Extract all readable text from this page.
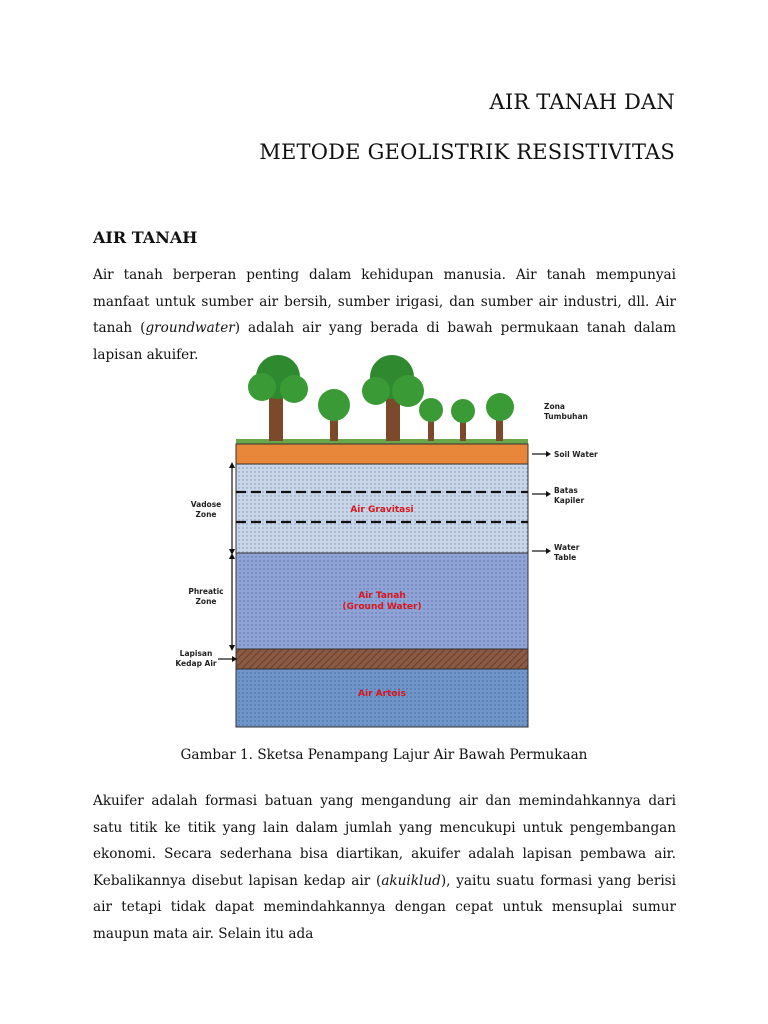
AIR TANAH DAN
METODE GEOLISTRIK RESISTIVITAS
AIR TANAH

Air tanah berperan penting dalam kehidupan manusia. Air tanah mempunyai manfaat untuk sumber air bersih, sumber irigasi, dan sumber air industri, dll. Air tanah (groundwater) adalah air yang berada di bawah permukaan tanah dalam lapisan akuifer.

Air Gravitasi
Air Tanah
(Ground Water)
Air Artois
Zona
Tumbuhan
Soil Water
Batas
Kapiler
Water
Table
Vadose
Zone
Phreatic
Zone
Lapisan
Kedap Air

Gambar 1. Sketsa Penampang Lajur Air Bawah Permukaan

Akuifer adalah formasi batuan yang mengandung air dan memindahkannya dari satu titik ke titik yang lain dalam jumlah yang mencukupi untuk pengembangan ekonomi. Secara sederhana bisa diartikan, akuifer adalah lapisan pembawa air. Kebalikannya disebut lapisan kedap air (akuiklud), yaitu suatu formasi yang berisi air tetapi tidak dapat memindahkannya dengan cepat untuk mensuplai sumur maupun mata air. Selain itu ada
